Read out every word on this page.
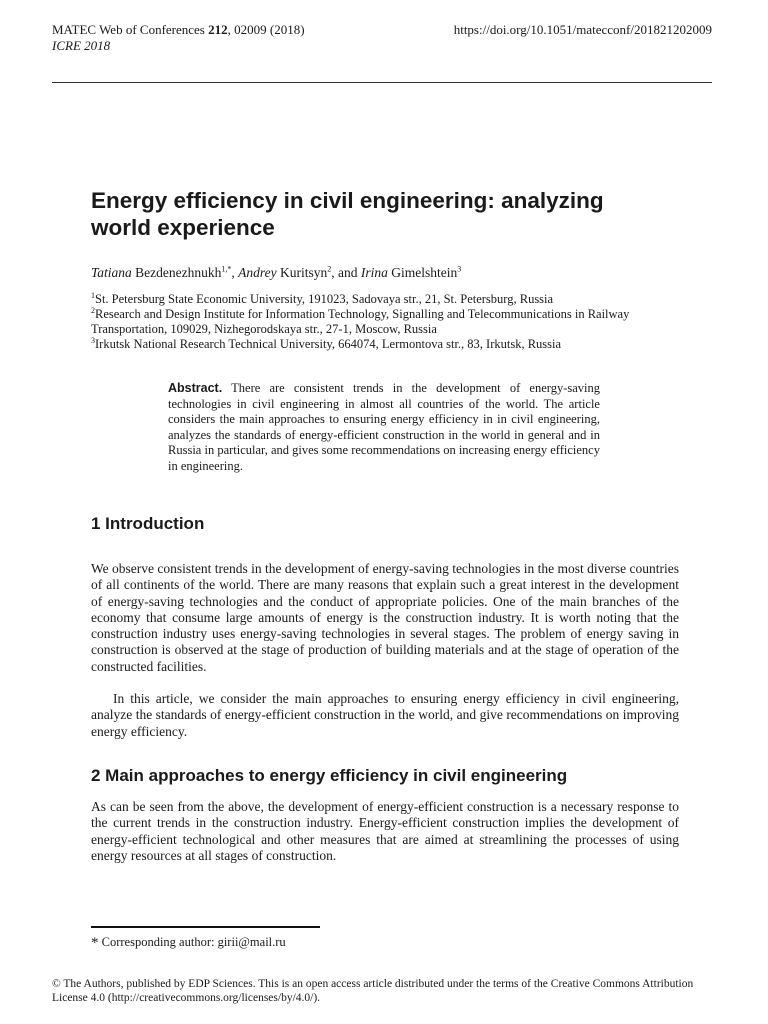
MATEC Web of Conferences 212, 02009 (2018)
ICRE 2018
https://doi.org/10.1051/matecconf/201821202009
Energy efficiency in civil engineering: analyzing
world experience
Tatiana Bezdenezhnukh$^{1,*}$, Andrey Kuritsyn$^2$, and Irina Gimelshtein$^3$
$^1$St. Petersburg State Economic University, 191023, Sadovaya str., 21, St. Petersburg, Russia
$^2$Research and Design Institute for Information Technology, Signalling and Telecommunications in Railway Transportation, 109029, Nizhegorodskaya str., 27-1, Moscow, Russia
$^3$Irkutsk National Research Technical University, 664074, Lermontova str., 83, Irkutsk, Russia
Abstract. There are consistent trends in the development of energy-saving technologies in civil engineering in almost all countries of the world. The article considers the main approaches to ensuring energy efficiency in in civil engineering, analyzes the standards of energy-efficient construction in the world in general and in Russia in particular, and gives some recommendations on increasing energy efficiency in engineering.
1 Introduction
We observe consistent trends in the development of energy-saving technologies in the most diverse countries of all continents of the world. There are many reasons that explain such a great interest in the development of energy-saving technologies and the conduct of appropriate policies. One of the main branches of the economy that consume large amounts of energy is the construction industry. It is worth noting that the construction industry uses energy-saving technologies in several stages. The problem of energy saving in construction is observed at the stage of production of building materials and at the stage of operation of the constructed facilities.
In this article, we consider the main approaches to ensuring energy efficiency in civil engineering, analyze the standards of energy-efficient construction in the world, and give recommendations on improving energy efficiency.
2 Main approaches to energy efficiency in civil engineering
As can be seen from the above, the development of energy-efficient construction is a necessary response to the current trends in the construction industry. Energy-efficient construction implies the development of energy-efficient technological and other measures that are aimed at streamlining the processes of using energy resources at all stages of construction.
* Corresponding author: girii@mail.ru
© The Authors, published by EDP Sciences. This is an open access article distributed under the terms of the Creative Commons Attribution License 4.0 (http://creativecommons.org/licenses/by/4.0/).
